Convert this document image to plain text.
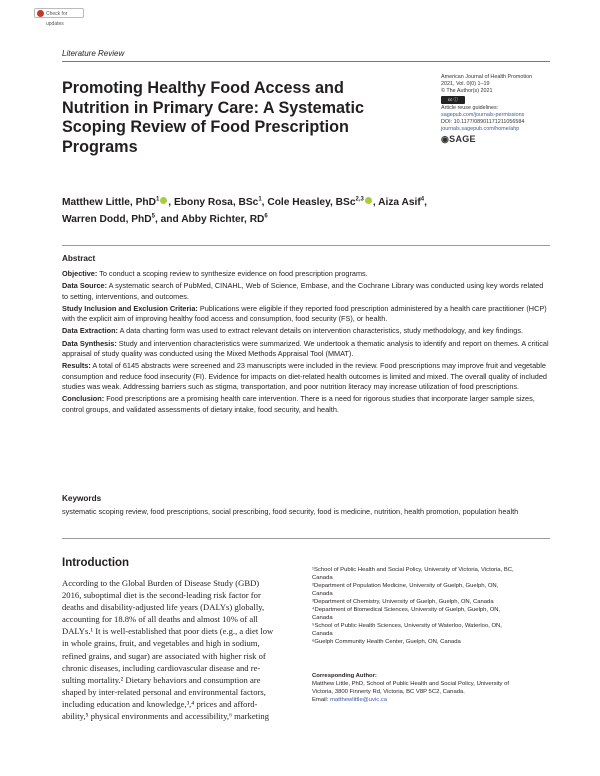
Check for updates
Literature Review
Promoting Healthy Food Access and
Nutrition in Primary Care: A Systematic
Scoping Review of Food Prescription
Programs
American Journal of Health Promotion
2021, Vol. 0(0) 1–19
© The Author(s) 2021
cc ⓘ
Article reuse guidelines:
sagepub.com/journals-permissions
DOI: 10.1177/08901171211056584
journals.sagepub.com/home/ahp
◉SAGE
Matthew Little, PhD$^1$ , Ebony Rosa, BSc$^1$, Cole Heasley, BSc$^{2,3}$ , Aiza Asif$^4$,
Warren Dodd, PhD$^5$, and Abby Richter, $RD^6$
Abstract

Objective: To conduct a scoping review to synthesize evidence on food prescription programs.

Data Source: A systematic search of PubMed, CINAHL, Web of Science, Embase, and the Cochrane Library was conducted using key words related to setting, interventions, and outcomes.

Study Inclusion and Exclusion Criteria: Publications were eligible if they reported food prescription administered by a health care practitioner (HCP) with the explicit aim of improving healthy food access and consumption, food security (FS), or health.

Data Extraction: A data charting form was used to extract relevant details on intervention characteristics, study methodology, and key findings.

Data Synthesis: Study and intervention characteristics were summarized. We undertook a thematic analysis to identify and report on themes. A critical appraisal of study quality was conducted using the Mixed Methods Appraisal Tool (MMAT).

Results: A total of 6145 abstracts were screened and 23 manuscripts were included in the review. Food prescriptions may improve fruit and vegetable consumption and reduce food insecurity (FI). Evidence for impacts on diet-related health outcomes is limited and mixed. The overall quality of included studies was weak. Addressing barriers such as stigma, transportation, and poor nutrition literacy may increase utilization of food prescriptions.

Conclusion: Food prescriptions are a promising health care intervention. There is a need for rigorous studies that incorporate larger sample sizes, control groups, and validated assessments of dietary intake, food security, and health.

Keywords
systematic scoping review, food prescriptions, social prescribing, food security, food is medicine, nutrition, health promotion, population health
Introduction
According to the Global Burden of Disease Study (GBD)
2016, suboptimal diet is the second-leading risk factor for
deaths and disability-adjusted life years (DALYs) globally,
accounting for 18.8% of all deaths and almost 10% of all
DALYs.¹ It is well-established that poor diets (e.g., a diet low
in whole grains, fruit, and vegetables and high in sodium,
refined grains, and sugar) are associated with higher risk of
chronic diseases, including cardiovascular disease and re-
sulting mortality.² Dietary behaviors and consumption are
shaped by inter-related personal and environmental factors,
including education and knowledge,³,⁴ prices and afford-
ability,⁵ physical environments and accessibility,⁶ marketing
¹School of Public Health and Social Policy, University of Victoria, Victoria, BC,
Canada
²Department of Population Medicine, University of Guelph, Guelph, ON,
Canada
³Department of Chemistry, University of Guelph, Guelph, ON, Canada
⁴Department of Biomedical Sciences, University of Guelph, Guelph, ON,
Canada
⁵School of Public Health Sciences, University of Waterloo, Waterloo, ON,
Canada
⁶Guelph Community Health Center, Guelph, ON, Canada
Corresponding Author:
Matthew Little, PhD, School of Public Health and Social Policy, University of
Victoria, 3800 Finnerty Rd, Victoria, BC V8P 5C2, Canada.
Email: matthewlittle@uvic.ca
